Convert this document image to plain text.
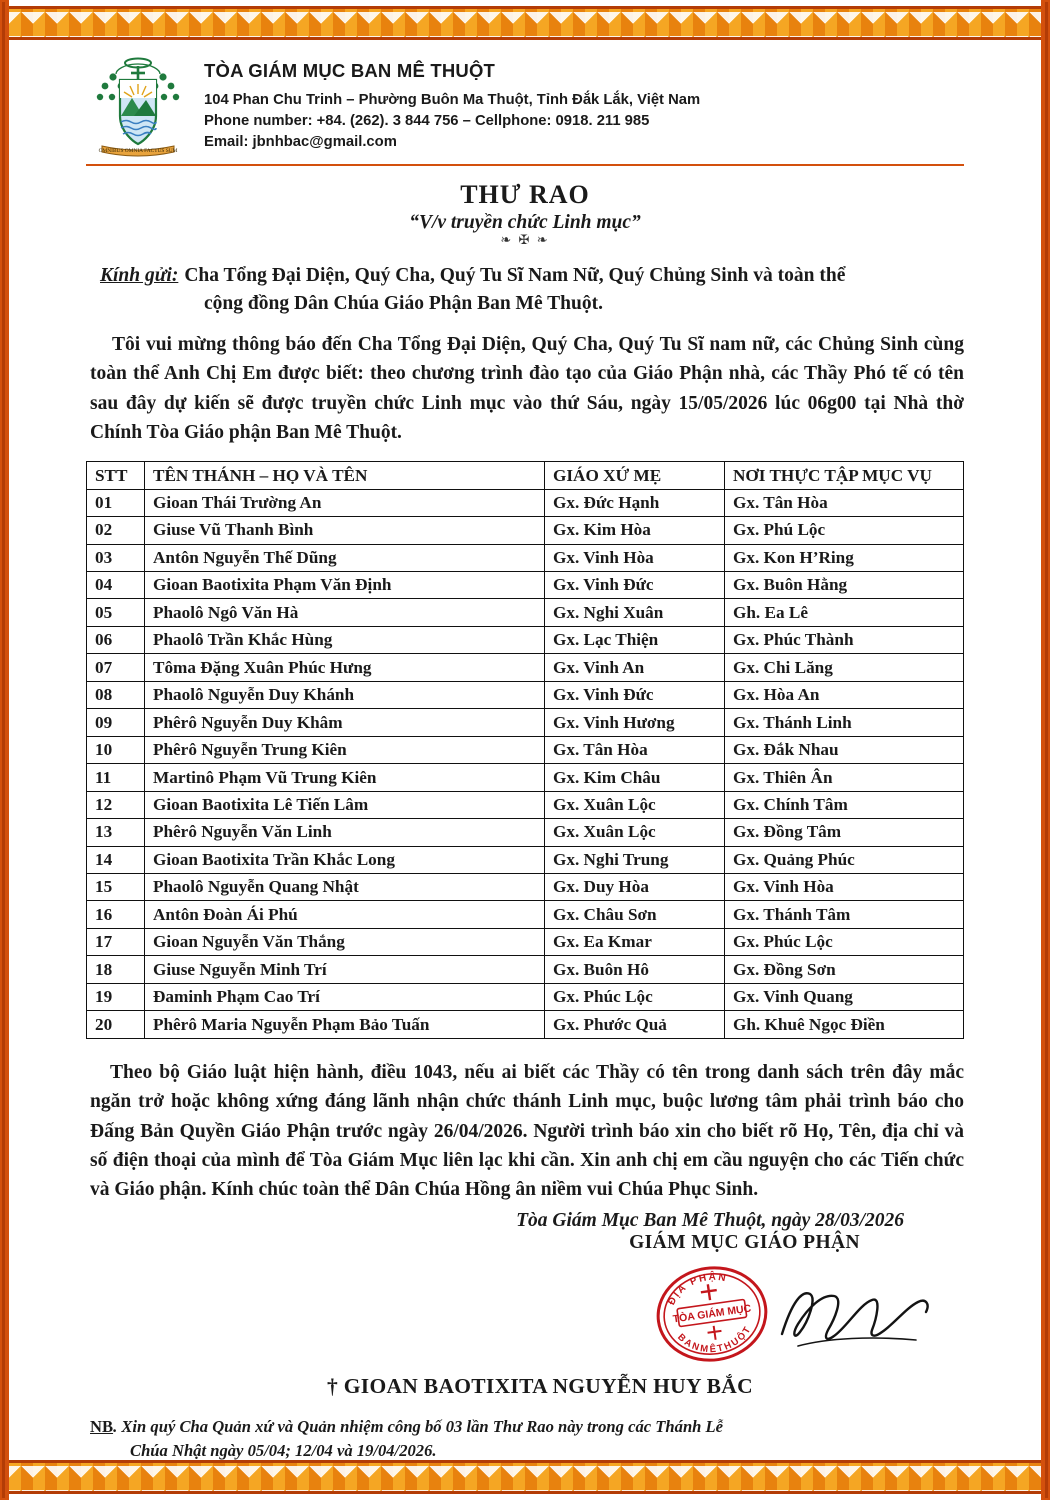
OMNIBUS OMNIA FACTUS SUM
TÒA GIÁM MỤC BAN MÊ THUỘT
104 Phan Chu Trinh – Phường Buôn Ma Thuột, Tỉnh Đắk Lắk, Việt Nam
Phone number: +84. (262). 3 844 756 – Cellphone: 0918. 211 985
Email: jbnhbac@gmail.com
THƯ RAO
“V/v truyền chức Linh mục”
❧ ✠ ❧
Kính gửi: Cha Tổng Đại Diện, Quý Cha, Quý Tu Sĩ Nam Nữ, Quý Chủng Sinh và toàn thể
cộng đồng Dân Chúa Giáo Phận Ban Mê Thuột.

Tôi vui mừng thông báo đến Cha Tổng Đại Diện, Quý Cha, Quý Tu Sĩ nam nữ, các Chủng Sinh cùng toàn thể Anh Chị Em được biết: theo chương trình đào tạo của Giáo Phận nhà, các Thầy Phó tế có tên sau đây dự kiến sẽ được truyền chức Linh mục vào thứ Sáu, ngày 15/05/2026 lúc 06g00 tại Nhà thờ Chính Tòa Giáo phận Ban Mê Thuột.

STT	TÊN THÁNH – HỌ VÀ TÊN	GIÁO XỨ MẸ	NƠI THỰC TẬP MỤC VỤ
01	Gioan Thái Trường An	Gx. Đức Hạnh	Gx. Tân Hòa
02	Giuse Vũ Thanh Bình	Gx. Kim Hòa	Gx. Phú Lộc
03	Antôn Nguyễn Thế Dũng	Gx. Vinh Hòa	Gx. Kon H’Ring
04	Gioan Baotixita Phạm Văn Định	Gx. Vinh Đức	Gx. Buôn Hằng
05	Phaolô Ngô Văn Hà	Gx. Nghi Xuân	Gh. Ea Lê
06	Phaolô Trần Khắc Hùng	Gx. Lạc Thiện	Gx. Phúc Thành
07	Tôma Đặng Xuân Phúc Hưng	Gx. Vinh An	Gx. Chi Lăng
08	Phaolô Nguyễn Duy Khánh	Gx. Vinh Đức	Gx. Hòa An
09	Phêrô Nguyễn Duy Khâm	Gx. Vinh Hương	Gx. Thánh Linh
10	Phêrô Nguyễn Trung Kiên	Gx. Tân Hòa	Gx. Đắk Nhau
11	Martinô Phạm Vũ Trung Kiên	Gx. Kim Châu	Gx. Thiên Ân
12	Gioan Baotixita Lê Tiến Lâm	Gx. Xuân Lộc	Gx. Chính Tâm
13	Phêrô Nguyễn Văn Linh	Gx. Xuân Lộc	Gx. Đồng Tâm
14	Gioan Baotixita Trần Khắc Long	Gx. Nghi Trung	Gx. Quảng Phúc
15	Phaolô Nguyễn Quang Nhật	Gx. Duy Hòa	Gx. Vinh Hòa
16	Antôn Đoàn Ái Phú	Gx. Châu Sơn	Gx. Thánh Tâm
17	Gioan Nguyễn Văn Thắng	Gx. Ea Kmar	Gx. Phúc Lộc
18	Giuse Nguyễn Minh Trí	Gx. Buôn Hô	Gx. Đồng Sơn
19	Đaminh Phạm Cao Trí	Gx. Phúc Lộc	Gx. Vinh Quang
20	Phêrô Maria Nguyễn Phạm Bảo Tuấn	Gx. Phước Quả	Gh. Khuê Ngọc Điền

Theo bộ Giáo luật hiện hành, điều 1043, nếu ai biết các Thầy có tên trong danh sách trên đây mắc ngăn trở hoặc không xứng đáng lãnh nhận chức thánh Linh mục, buộc lương tâm phải trình báo cho Đấng Bản Quyền Giáo Phận trước ngày 26/04/2026. Người trình báo xin cho biết rõ Họ, Tên, địa chỉ và số điện thoại của mình để Tòa Giám Mục liên lạc khi cần. Xin anh chị em cầu nguyện cho các Tiến chức và Giáo phận. Kính chúc toàn thể Dân Chúa Hồng ân niềm vui Chúa Phục Sinh.

Tòa Giám Mục Ban Mê Thuột, ngày 28/03/2026
GIÁM MỤC GIÁO PHẬN
ĐỊA PHẬN
BANMÊTHUỘT
TÒA GIÁM MỤC
† GIOAN BAOTIXITA NGUYỄN HUY BẮC
NB. Xin quý Cha Quản xứ và Quản nhiệm công bố 03 lần Thư Rao này trong các Thánh Lễ
Chúa Nhật ngày 05/04; 12/04 và 19/04/2026.
